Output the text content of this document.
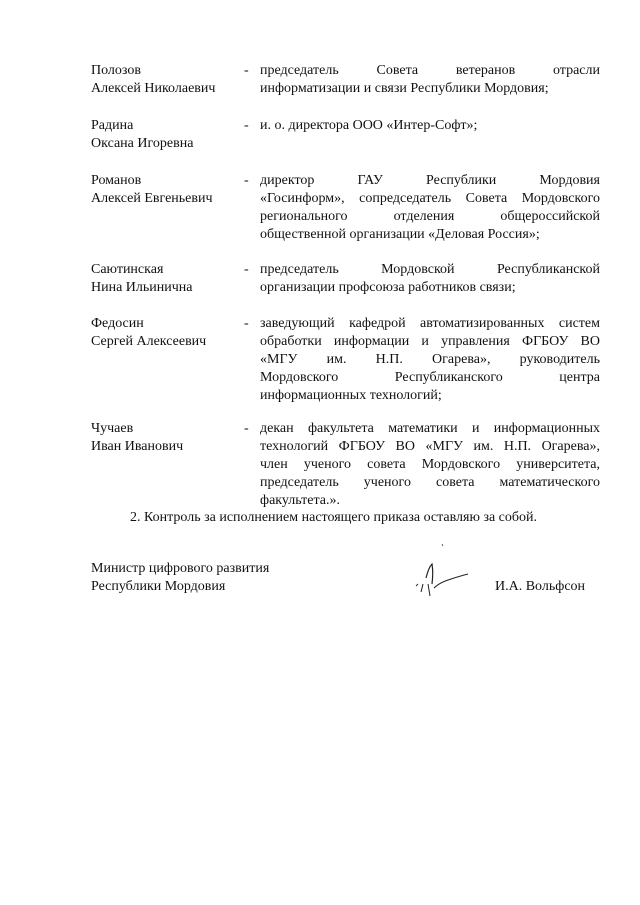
Полозов
Алексей Николаевич
- председатель Совета ветеранов отрасли
информатизации и связи Республики Мордовия;
Радина
Оксана Игоревна
- и. о. директора ООО «Интер-Софт»;
Романов
Алексей Евгеньевич
- директор ГАУ Республики Мордовия
«Госинформ», сопредседатель Совета Мордовского
регионального отделения общероссийской
общественной организации «Деловая Россия»;
Саютинская
Нина Ильинична
- председатель Мордовской Республиканской
организации профсоюза работников связи;
Федосин
Сергей Алексеевич
- заведующий кафедрой автоматизированных систем
обработки информации и управления ФГБОУ ВО
«МГУ им. Н.П. Огарева», руководитель
Мордовского Республиканского центра
информационных технологий;
Чучаев
Иван Иванович
- декан факультета математики и информационных
технологий ФГБОУ ВО «МГУ им. Н.П. Огарева»,
член ученого совета Мордовского университета,
председатель ученого совета математического
факультета.».
2. Контроль за исполнением настоящего приказа оставляю за собой.
Министр цифрового развития
Республики Мордовия	И.А. Вольфсон
